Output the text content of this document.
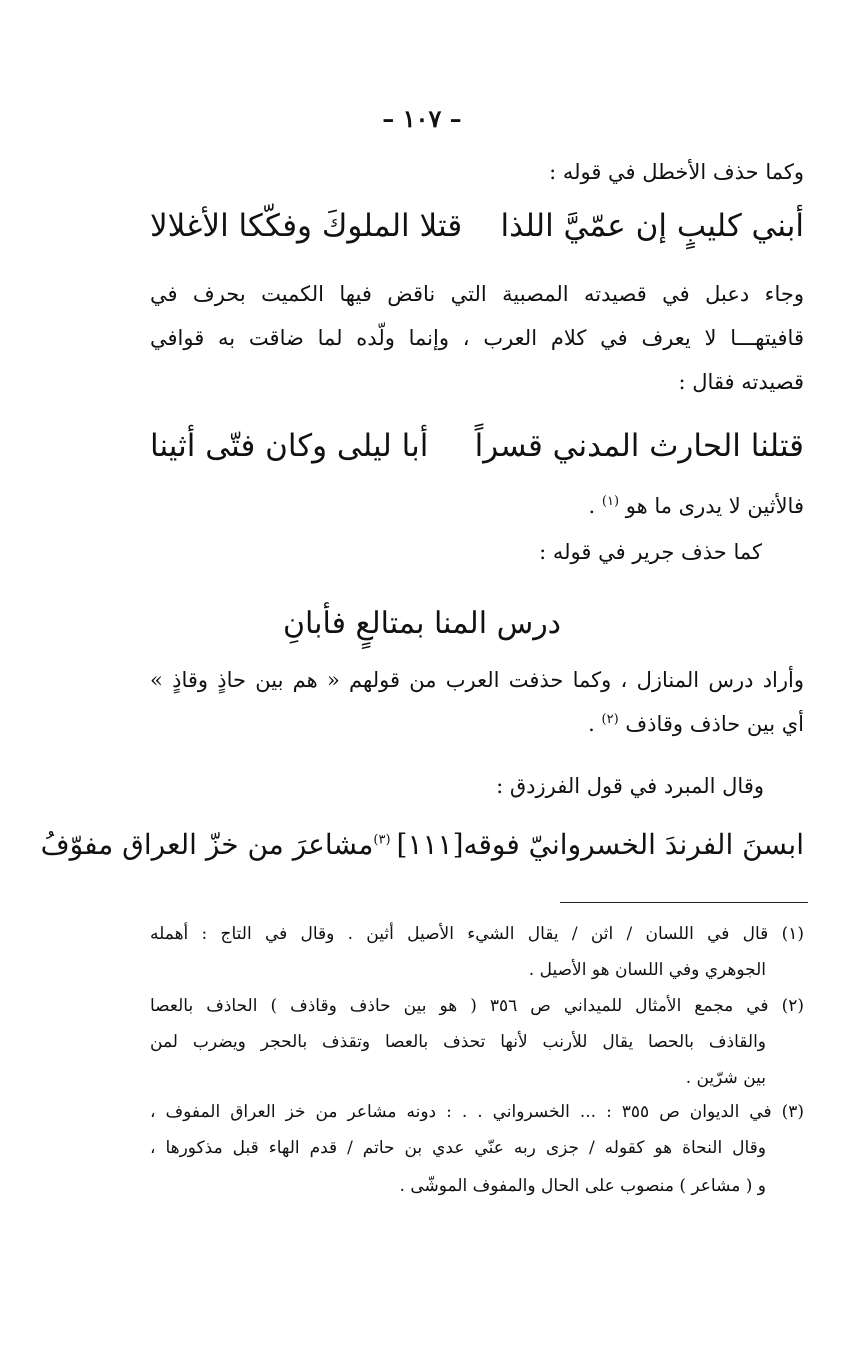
– ١٠٧ –
وكما حذف الأخطل في قوله :
أبني كليبٍ إن عمّيَّ اللذا
قتلا الملوكَ وفكّكا الأغلالا
وجاء دعبل في قصيدته المصبية التي ناقض فيها الكميت بحرف في
قافيتهـــا لا يعرف في كلام العرب ، وإنما ولّده لما ضاقت به قوافي
قصيدته فقال :
قتلنا الحارث المدني قسراً
أبا ليلى وكان فتّى أثينا
فالأثين لا يدرى ما هو $^{(١)}$ .
كما حذف جرير في قوله :
درس المنا بمتالعٍ فأبانِ
وأراد درس المنازل ، وكما حذفت العرب من قولهم « هم بين حاذٍ وقاذٍ »
أي بين حاذف وقاذف $^{(٢)}$ .
وقال المبرد في قول الفرزدق :
[١١١]ابسنَ الفرندَ الخسروانيّ فوقه
مشاعرَ من خزّ العراق مفوّفُ$^{(٣)}$
(١) قال في اللسان / اثن / يقال الشيء الأصيل أثين . وقال في التاج : أهمله
الجوهري وفي اللسان هو الأصيل .
(٢) في مجمع الأمثال للميداني ص ٣٥٦ ( هو بين حاذف وقاذف ) الحاذف بالعصا
والقاذف بالحصا يقال للأرنب لأنها تحذف بالعصا وتقذف بالحجر ويضرب لمن
بين شرّين .
(٣) في الديوان ص ٣٥٥ : ... الخسرواني . . : دونه مشاعر من خز العراق المفوف ،
وقال النحاة هو كقوله / جزى ربه عنّي عدي بن حاتم / قدم الهاء قبل مذكورها ،
و ( مشاعر ) منصوب على الحال والمفوف الموشّى .
